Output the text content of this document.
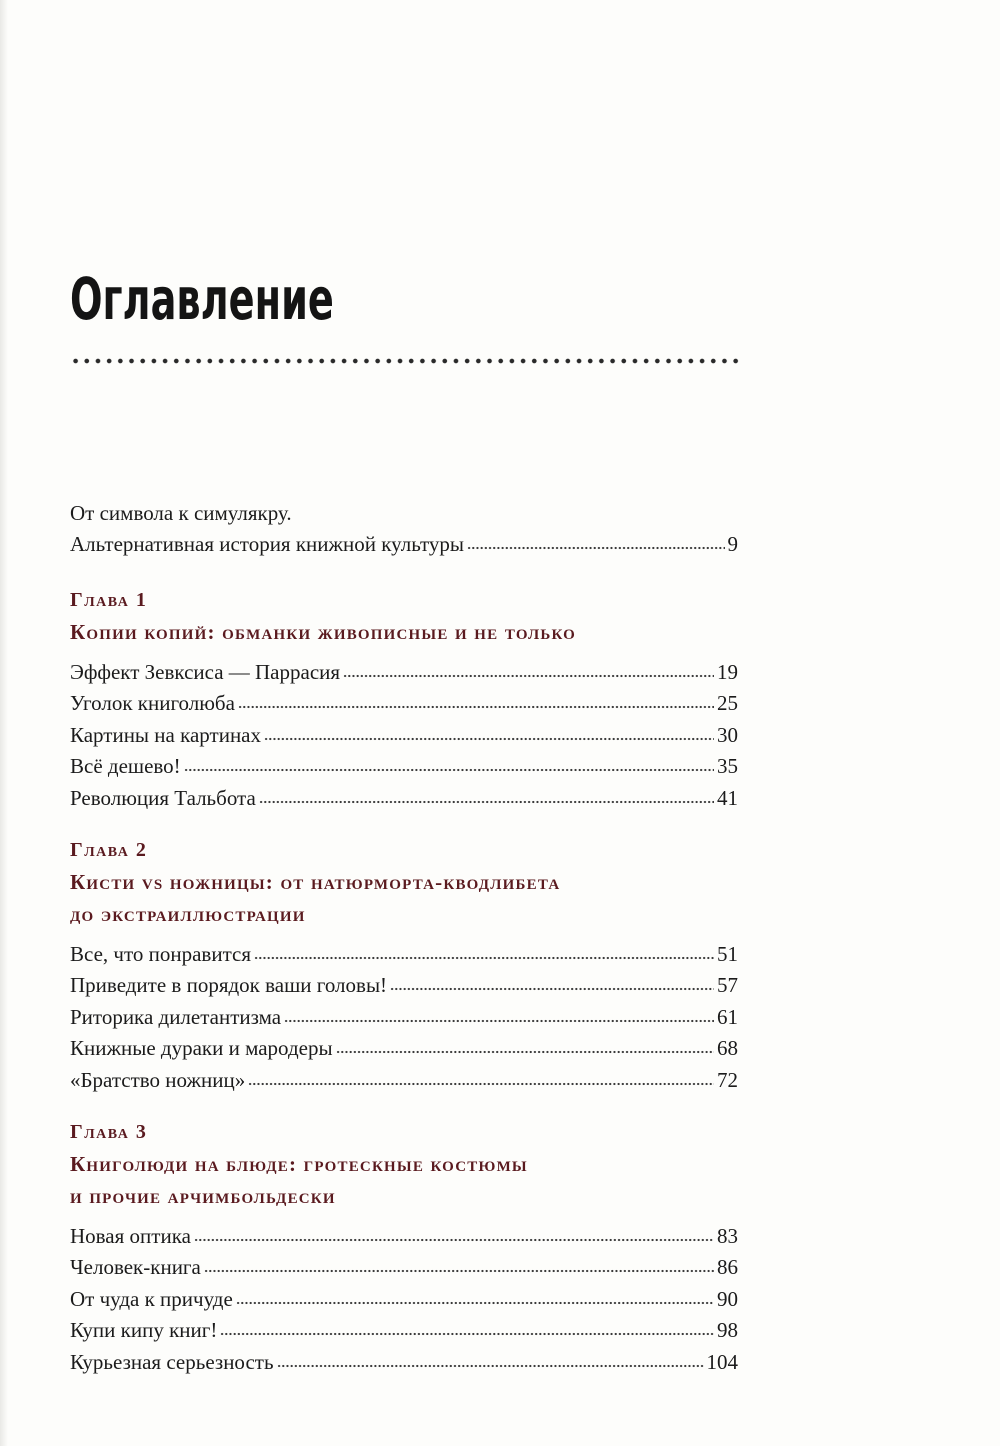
Оглавление
От символа к симулякру.
Альтернативная история книжной культуры	9
Глава 1
Копии копий: обманки живописные и не только
Эффект Зевксиса — Паррасия	19
Уголок книголюба	25
Картины на картинах	30
Всё дешево!	35
Революция Тальбота	41
Глава 2
Кисти vs ножницы: от натюрморта-кводлибета
до экстраиллюстрации
Все, что понравится	51
Приведите в порядок ваши головы!	57
Риторика дилетантизма	61
Книжные дураки и мародеры	68
«Братство ножниц»	72
Глава 3
Книголюди на блюде: гротескные костюмы
и прочие арчимбольдески
Новая оптика	83
Человек-книга	86
От чуда к причуде	90
Купи кипу книг!	98
Курьезная серьезность	104
